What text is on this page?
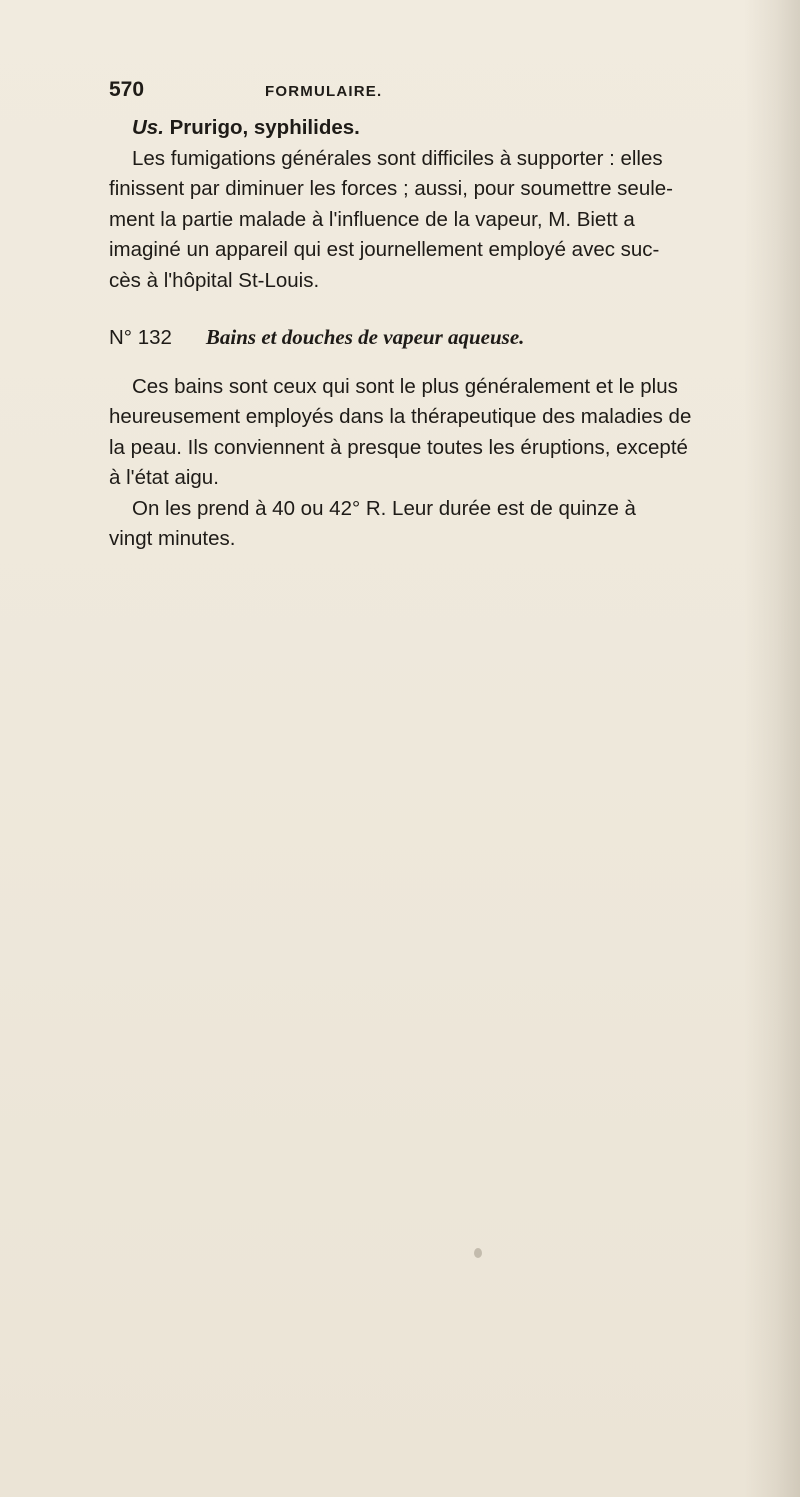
570	FORMULAIRE.
Us. Prurigo, syphilides.
Les fumigations générales sont difficiles à supporter : elles
finissent par diminuer les forces ; aussi, pour soumettre seule-
ment la partie malade à l'influence de la vapeur, M. Biett a
imaginé un appareil qui est journellement employé avec suc-
cès à l'hôpital St-Louis.
N° 132 Bains et douches de vapeur aqueuse.
Ces bains sont ceux qui sont le plus généralement et le plus
heureusement employés dans la thérapeutique des maladies de
la peau. Ils conviennent à presque toutes les éruptions, excepté
à l'état aigu.
On les prend à 40 ou 42° R. Leur durée est de quinze à
vingt minutes.
